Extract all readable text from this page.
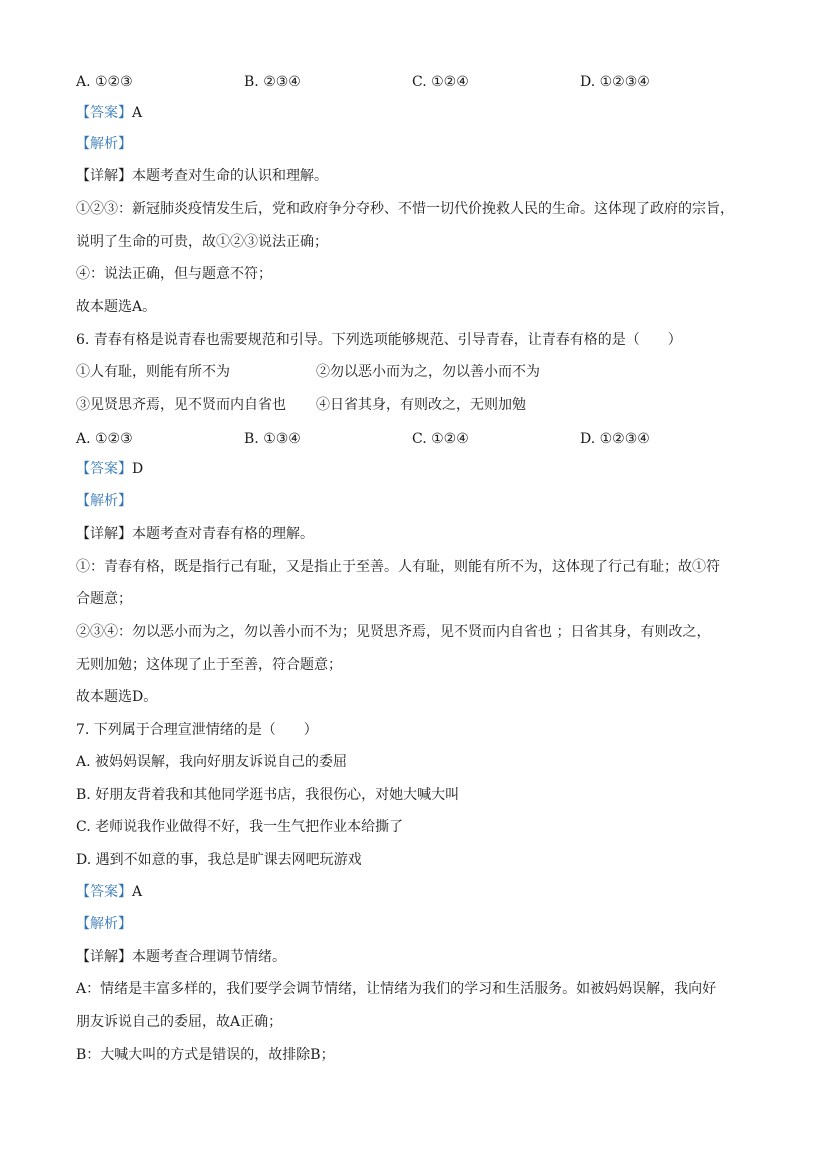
A. ①②③	B. ②③④	C. ①②④	D. ①②③④
【答案】A
【解析】
【详解】本题考查对生命的认识和理解。
①②③：新冠肺炎疫情发生后，党和政府争分夺秒、不惜一切代价挽救人民的生命。这体现了政府的宗旨，
说明了生命的可贵，故①②③说法正确；
④：说法正确，但与题意不符；
故本题选A。
6. 青春有格是说青春也需要规范和引导。下列选项能够规范、引导青春，让青春有格的是（　　）
①人有耻，则能有所不为	②勿以恶小而为之，勿以善小而不为
③见贤思齐焉，见不贤而内自省也 ④日省其身，有则改之，无则加勉
A. ①②③	B. ①③④	C. ①②④	D. ①②③④
【答案】D
【解析】
【详解】本题考查对青春有格的理解。
①：青春有格，既是指行己有耻，又是指止于至善。人有耻，则能有所不为，这体现了行己有耻；故①符
合题意；
②③④：勿以恶小而为之，勿以善小而不为；见贤思齐焉，见不贤而内自省也 ；日省其身，有则改之，
无则加勉；这体现了止于至善，符合题意；
故本题选D。
7. 下列属于合理宣泄情绪的是（　　）
A. 被妈妈误解，我向好朋友诉说自己的委屈
B. 好朋友背着我和其他同学逛书店，我很伤心，对她大喊大叫
C. 老师说我作业做得不好，我一生气把作业本给撕了
D. 遇到不如意的事，我总是旷课去网吧玩游戏
【答案】A
【解析】
【详解】本题考查合理调节情绪。
A：情绪是丰富多样的，我们要学会调节情绪，让情绪为我们的学习和生活服务。如被妈妈误解，我向好
朋友诉说自己的委屈，故A正确；
B：大喊大叫的方式是错误的，故排除B；
